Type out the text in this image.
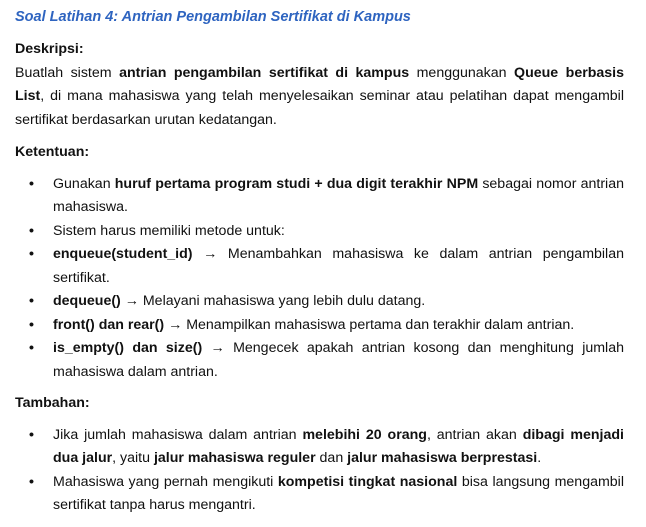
Soal Latihan 4: Antrian Pengambilan Sertifikat di Kampus
Deskripsi:

Buatlah sistem antrian pengambilan sertifikat di kampus menggunakan Queue berbasis List, di mana mahasiswa yang telah menyelesaikan seminar atau pelatihan dapat mengambil sertifikat berdasarkan urutan kedatangan.

Ketentuan:
• Gunakan huruf pertama program studi + dua digit terakhir NPM sebagai nomor antrian mahasiswa.
• Sistem harus memiliki metode untuk:
• enqueue(student_id) → Menambahkan mahasiswa ke dalam antrian pengambilan sertifikat.
• dequeue() → Melayani mahasiswa yang lebih dulu datang.
• front() dan rear() → Menampilkan mahasiswa pertama dan terakhir dalam antrian.
• is_empty() dan size() → Mengecek apakah antrian kosong dan menghitung jumlah mahasiswa dalam antrian.
Tambahan:
• Jika jumlah mahasiswa dalam antrian melebihi 20 orang, antrian akan dibagi menjadi dua jalur, yaitu jalur mahasiswa reguler dan jalur mahasiswa berprestasi.
• Mahasiswa yang pernah mengikuti kompetisi tingkat nasional bisa langsung mengambil sertifikat tanpa harus mengantri.
